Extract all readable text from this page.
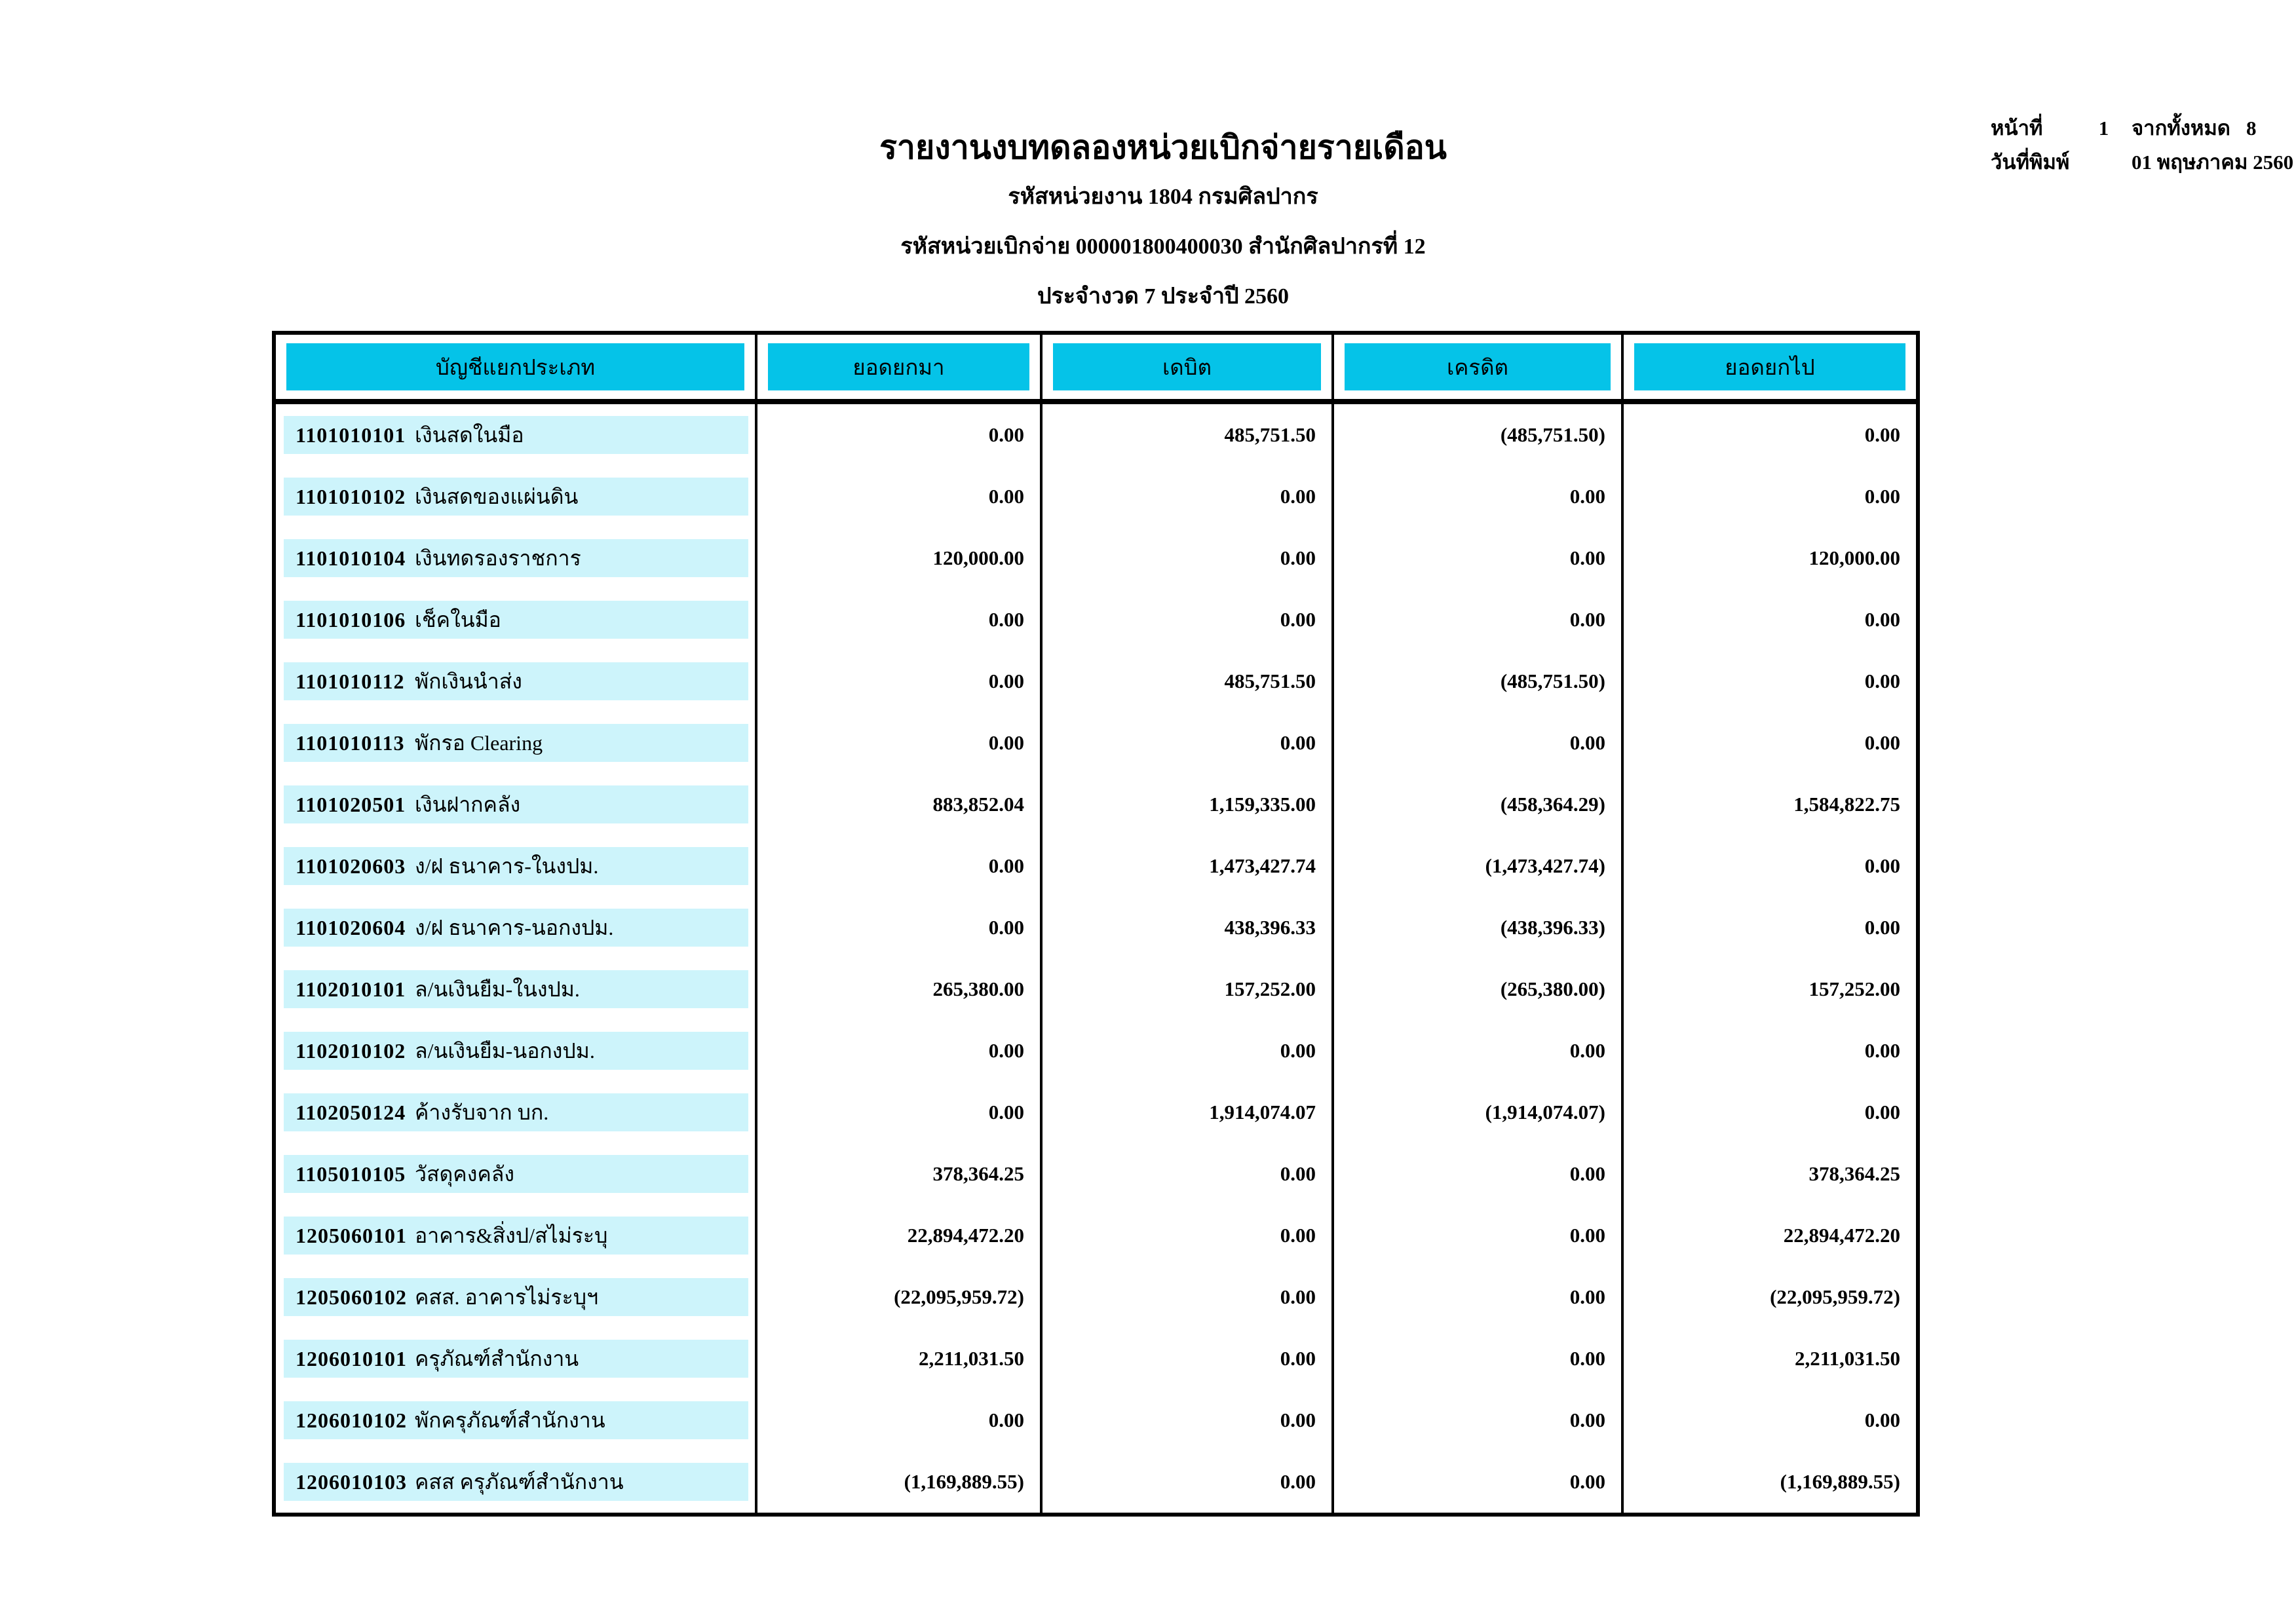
รายงานงบทดลองหน่วยเบิกจ่ายรายเดือน
รหัสหน่วยงาน 1804 กรมศิลปากร
รหัสหน่วยเบิกจ่าย 000001800400030 สำนักศิลปากรที่ 12
ประจำงวด 7 ประจำปี 2560
หน้าที่	1	จากทั้งหมด 8
วันที่พิมพ์	01 พฤษภาคม 2560
บัญชีแยกประเภท	ยอดยกมา	เดบิต	เครดิต	ยอดยกไป
1101010101 เงินสดในมือ	0.00	485,751.50	(485,751.50)	0.00
1101010102 เงินสดของแผ่นดิน	0.00	0.00	0.00	0.00
1101010104 เงินทดรองราชการ	120,000.00	0.00	0.00	120,000.00
1101010106 เช็คในมือ	0.00	0.00	0.00	0.00
1101010112 พักเงินนำส่ง	0.00	485,751.50	(485,751.50)	0.00
1101010113 พักรอ Clearing	0.00	0.00	0.00	0.00
1101020501 เงินฝากคลัง	883,852.04	1,159,335.00	(458,364.29)	1,584,822.75
1101020603 ง/ฝ ธนาคาร-ในงปม.	0.00	1,473,427.74	(1,473,427.74)	0.00
1101020604 ง/ฝ ธนาคาร-นอกงปม.	0.00	438,396.33	(438,396.33)	0.00
1102010101 ล/นเงินยืม-ในงปม.	265,380.00	157,252.00	(265,380.00)	157,252.00
1102010102 ล/นเงินยืม-นอกงปม.	0.00	0.00	0.00	0.00
1102050124 ค้างรับจาก บก.	0.00	1,914,074.07	(1,914,074.07)	0.00
1105010105 วัสดุคงคลัง	378,364.25	0.00	0.00	378,364.25
1205060101 อาคาร&สิ่งป/สไม่ระบุ	22,894,472.20	0.00	0.00	22,894,472.20
1205060102 คสส. อาคารไม่ระบุฯ	(22,095,959.72)	0.00	0.00	(22,095,959.72)
1206010101 ครุภัณฑ์สำนักงาน	2,211,031.50	0.00	0.00	2,211,031.50
1206010102 พักครุภัณฑ์สำนักงาน	0.00	0.00	0.00	0.00
1206010103 คสส ครุภัณฑ์สำนักงาน	(1,169,889.55)	0.00	0.00	(1,169,889.55)
